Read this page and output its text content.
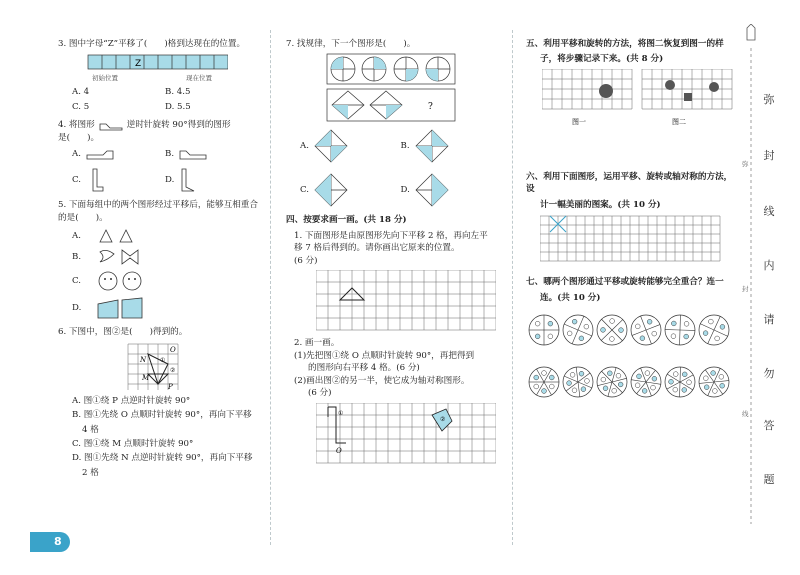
3. 图中字母“Z”平移了(　　)格到达现在的位置。
Z
初始位置	现在位置
A. 4	B. 4.5
C. 5	D. 5.5
4. 将图形	逆时针旋转 90°得到的图形
是(　　)。
A.	B.
C.	D.
5. 下面每组中的两个图形经过平移后，能够互相重合的是(　　)。
A.
B.
C.
D.
6. 下图中，图②是(　　)得到的。
O
N
M
P
①
②
A. 图①绕 P 点逆时针旋转 90°
B. 图①先绕 O 点顺时针旋转 90°，再向下平移
4 格
C. 图①绕 M 点顺时针旋转 90°
D. 图①先绕 N 点逆时针旋转 90°，再向下平移
2 格
7. 找规律，下一个图形是(　　)。
?
A.	B.
C.	D.
四、按要求画一画。(共 18 分)
1. 下面图形是由原图形先向下平移 2 格，再向左平
移 7 格后得到的。请你画出它原来的位置。
(6 分)
2. 画一画。
(1)先把图①绕 O 点顺时针旋转 90°，再把得到
的图形向右平移 4 格。(6 分)
(2)画出图②的另一半，使它成为轴对称图形。
(6 分)
①
O
②
五、利用平移和旋转的方法，将图二恢复到图一的样
子，将步骤记录下来。(共 8 分)
图一	图二
六、利用下面图形，运用平移、旋转或轴对称的方法，设
计一幅美丽的图案。(共 10 分)
七、哪两个图形通过平移或旋转能够完全重合？连一
连。(共 10 分)
弥
封
线
内
请
勿
答
题
弥
封
线
8
